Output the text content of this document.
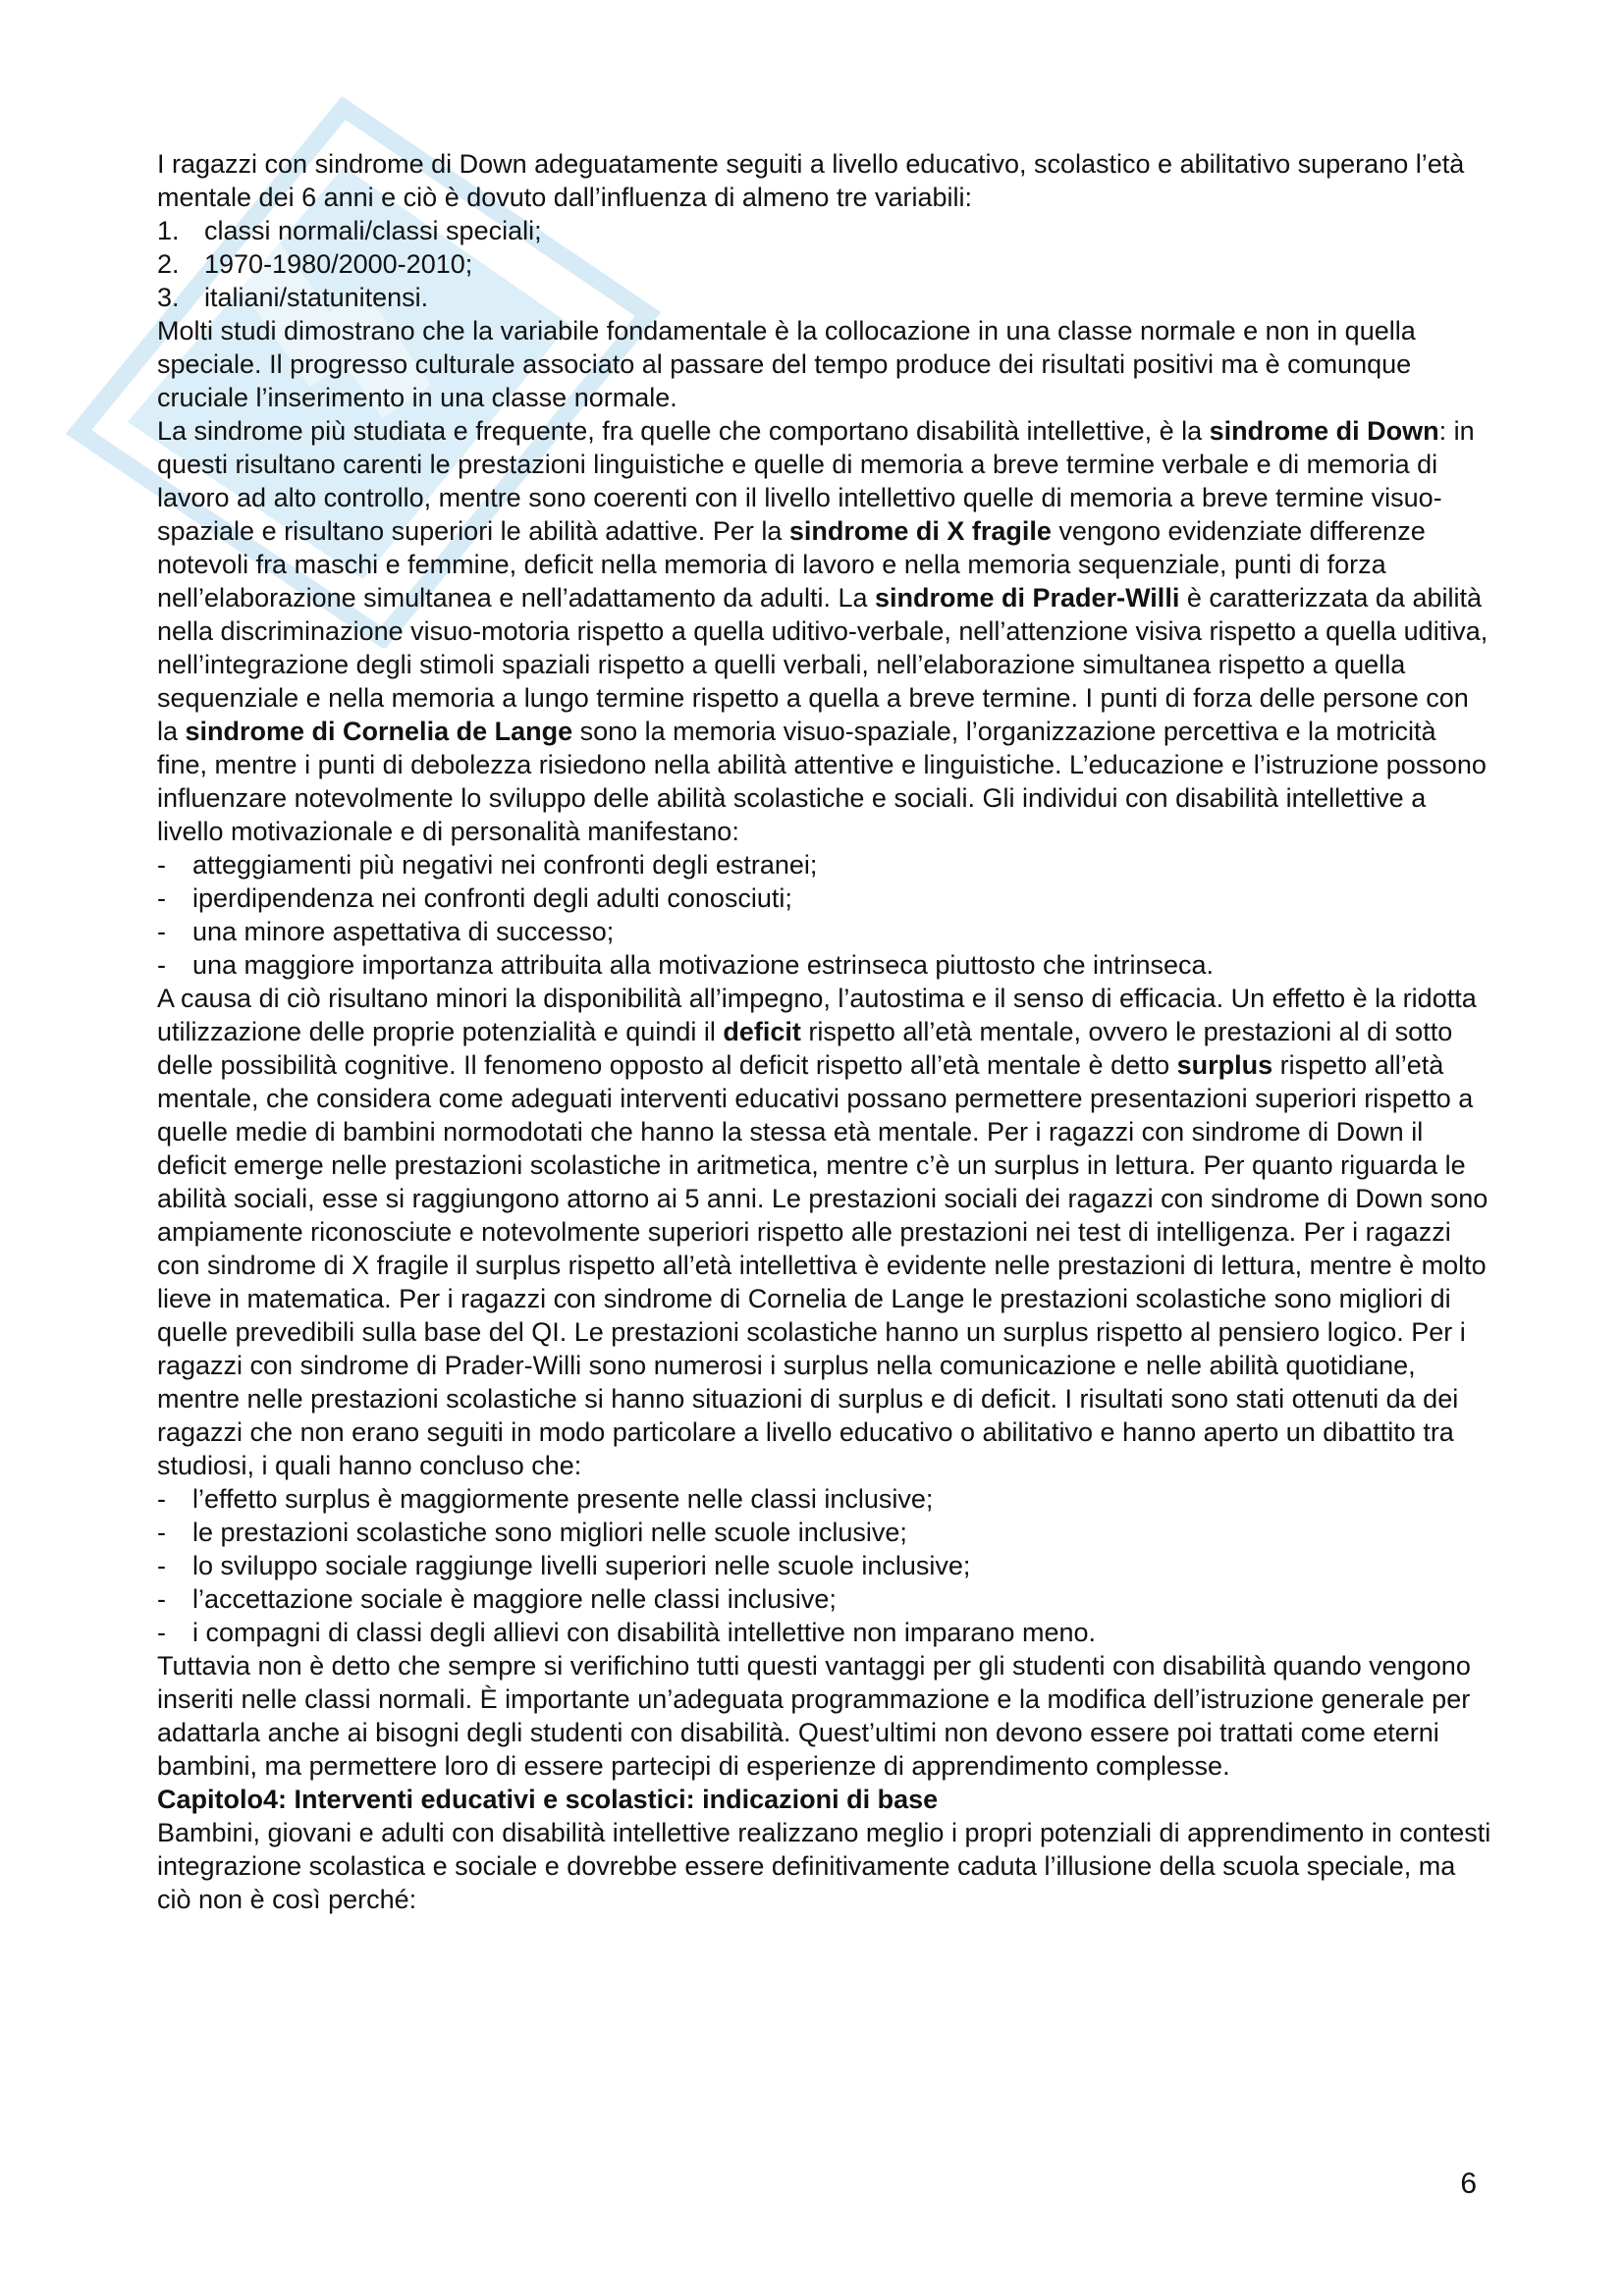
I ragazzi con sindrome di Down adeguatamente seguiti a livello educativo, scolastico e abilitativo superano l’età mentale dei 6 anni e ciò è dovuto dall’influenza di almeno tre variabili:

1. classi normali/classi speciali;
2. 1970-1980/2000-2010;
3. italiani/statunitensi.

Molti studi dimostrano che la variabile fondamentale è la collocazione in una classe normale e non in quella speciale. Il progresso culturale associato al passare del tempo produce dei risultati positivi ma è comunque cruciale l’inserimento in una classe normale.

La sindrome più studiata e frequente, fra quelle che comportano disabilità intellettive, è la sindrome di Down: in questi risultano carenti le prestazioni linguistiche e quelle di memoria a breve termine verbale e di memoria di lavoro ad alto controllo, mentre sono coerenti con il livello intellettivo quelle di memoria a breve termine visuo-spaziale e risultano superiori le abilità adattive. Per la sindrome di X fragile vengono evidenziate differenze notevoli fra maschi e femmine, deficit nella memoria di lavoro e nella memoria sequenziale, punti di forza nell’elaborazione simultanea e nell’adattamento da adulti. La sindrome di Prader-Willi è caratterizzata da abilità nella discriminazione visuo-motoria rispetto a quella uditivo-verbale, nell’attenzione visiva rispetto a quella uditiva, nell’integrazione degli stimoli spaziali rispetto a quelli verbali, nell’elaborazione simultanea rispetto a quella sequenziale e nella memoria a lungo termine rispetto a quella a breve termine. I punti di forza delle persone con la sindrome di Cornelia de Lange sono la memoria visuo-spaziale, l’organizzazione percettiva e la motricità fine, mentre i punti di debolezza risiedono nella abilità attentive e linguistiche. L’educazione e l’istruzione possono influenzare notevolmente lo sviluppo delle abilità scolastiche e sociali. Gli individui con disabilità intellettive a livello motivazionale e di personalità manifestano:

- atteggiamenti più negativi nei confronti degli estranei;
- iperdipendenza nei confronti degli adulti conosciuti;
- una minore aspettativa di successo;
- una maggiore importanza attribuita alla motivazione estrinseca piuttosto che intrinseca.

A causa di ciò risultano minori la disponibilità all’impegno, l’autostima e il senso di efficacia. Un effetto è la ridotta utilizzazione delle proprie potenzialità e quindi il deficit rispetto all’età mentale, ovvero le prestazioni al di sotto delle possibilità cognitive. Il fenomeno opposto al deficit rispetto all’età mentale è detto surplus rispetto all’età mentale, che considera come adeguati interventi educativi possano permettere presentazioni superiori rispetto a quelle medie di bambini normodotati che hanno la stessa età mentale. Per i ragazzi con sindrome di Down il deficit emerge nelle prestazioni scolastiche in aritmetica, mentre c’è un surplus in lettura. Per quanto riguarda le abilità sociali, esse si raggiungono attorno ai 5 anni. Le prestazioni sociali dei ragazzi con sindrome di Down sono ampiamente riconosciute e notevolmente superiori rispetto alle prestazioni nei test di intelligenza. Per i ragazzi con sindrome di X fragile il surplus rispetto all’età intellettiva è evidente nelle prestazioni di lettura, mentre è molto lieve in matematica. Per i ragazzi con sindrome di Cornelia de Lange le prestazioni scolastiche sono migliori di quelle prevedibili sulla base del QI. Le prestazioni scolastiche hanno un surplus rispetto al pensiero logico. Per i ragazzi con sindrome di Prader-Willi sono numerosi i surplus nella comunicazione e nelle abilità quotidiane, mentre nelle prestazioni scolastiche si hanno situazioni di surplus e di deficit. I risultati sono stati ottenuti da dei ragazzi che non erano seguiti in modo particolare a livello educativo o abilitativo e hanno aperto un dibattito tra studiosi, i quali hanno concluso che:

- l’effetto surplus è maggiormente presente nelle classi inclusive;
- le prestazioni scolastiche sono migliori nelle scuole inclusive;
- lo sviluppo sociale raggiunge livelli superiori nelle scuole inclusive;
- l’accettazione sociale è maggiore nelle classi inclusive;
- i compagni di classi degli allievi con disabilità intellettive non imparano meno.

Tuttavia non è detto che sempre si verifichino tutti questi vantaggi per gli studenti con disabilità quando vengono inseriti nelle classi normali. È importante un’adeguata programmazione e la modifica dell’istruzione generale per adattarla anche ai bisogni degli studenti con disabilità. Quest’ultimi non devono essere poi trattati come eterni bambini, ma permettere loro di essere partecipi di esperienze di apprendimento complesse.

Capitolo4: Interventi educativi e scolastici: indicazioni di base

Bambini, giovani e adulti con disabilità intellettive realizzano meglio i propri potenziali di apprendimento in contesti integrazione scolastica e sociale e dovrebbe essere definitivamente caduta l’illusione della scuola speciale, ma ciò non è così perché:

6
